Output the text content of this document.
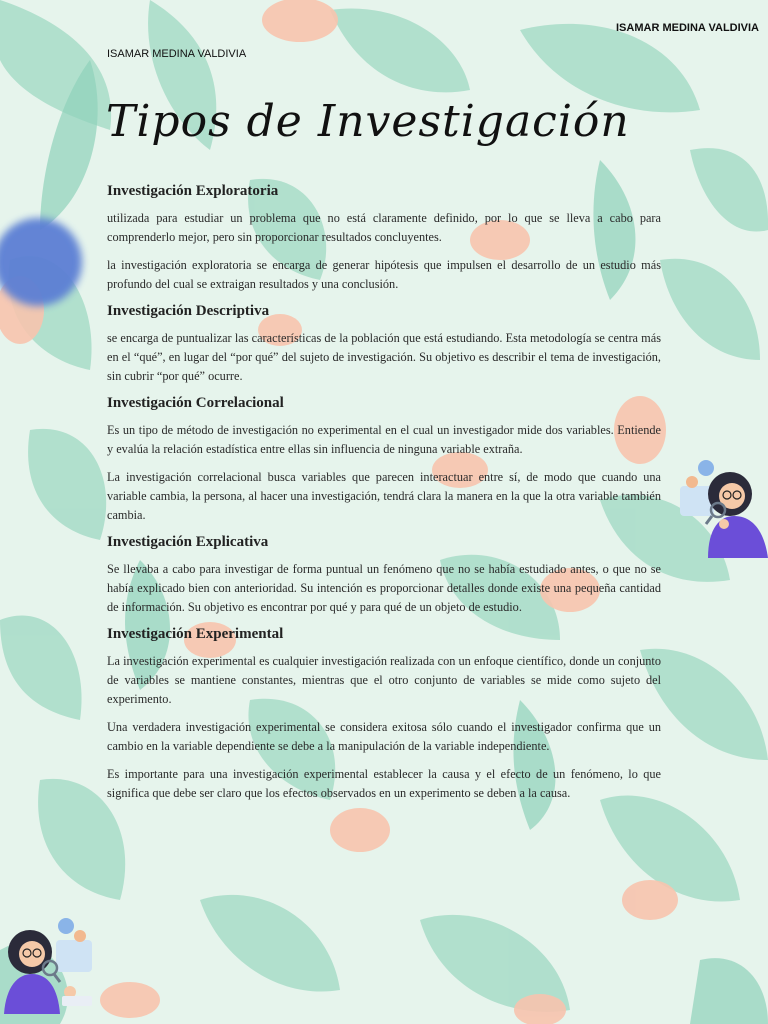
ISAMAR MEDINA VALDIVIA
ISAMAR MEDINA VALDIVIA
Tipos de Investigación
Investigación Exploratoria

utilizada para estudiar un problema que no está claramente definido, por lo que se lleva a cabo para comprenderlo mejor, pero sin proporcionar resultados concluyentes.

la investigación exploratoria se encarga de generar hipótesis que impulsen el desarrollo de un estudio más profundo del cual se extraigan resultados y una conclusión.

Investigación Descriptiva

se encarga de puntualizar las características de la población que está estudiando. Esta metodología se centra más en el “qué”, en lugar del “por qué” del sujeto de investigación. Su objetivo es describir el tema de investigación, sin cubrir “por qué” ocurre.

Investigación Correlacional

Es un tipo de método de investigación no experimental en el cual un investigador mide dos variables. Entiende y evalúa la relación estadística entre ellas sin influencia de ninguna variable extraña.

La investigación correlacional busca variables que parecen interactuar entre sí, de modo que cuando una variable cambia, la persona, al hacer una investigación, tendrá clara la manera en la que la otra variable también cambia.

Investigación Explicativa

Se llevaba a cabo para investigar de forma puntual un fenómeno que no se había estudiado antes, o que no se había explicado bien con anterioridad. Su intención es proporcionar detalles donde existe una pequeña cantidad de información. Su objetivo es encontrar por qué y para qué de un objeto de estudio.

Investigación Experimental

La investigación experimental es cualquier investigación realizada con un enfoque científico, donde un conjunto de variables se mantiene constantes, mientras que el otro conjunto de variables se mide como sujeto del experimento.

Una verdadera investigación experimental se considera exitosa sólo cuando el investigador confirma que un cambio en la variable dependiente se debe a la manipulación de la variable independiente.

Es importante para una investigación experimental establecer la causa y el efecto de un fenómeno, lo que significa que debe ser claro que los efectos observados en un experimento se deben a la causa.
